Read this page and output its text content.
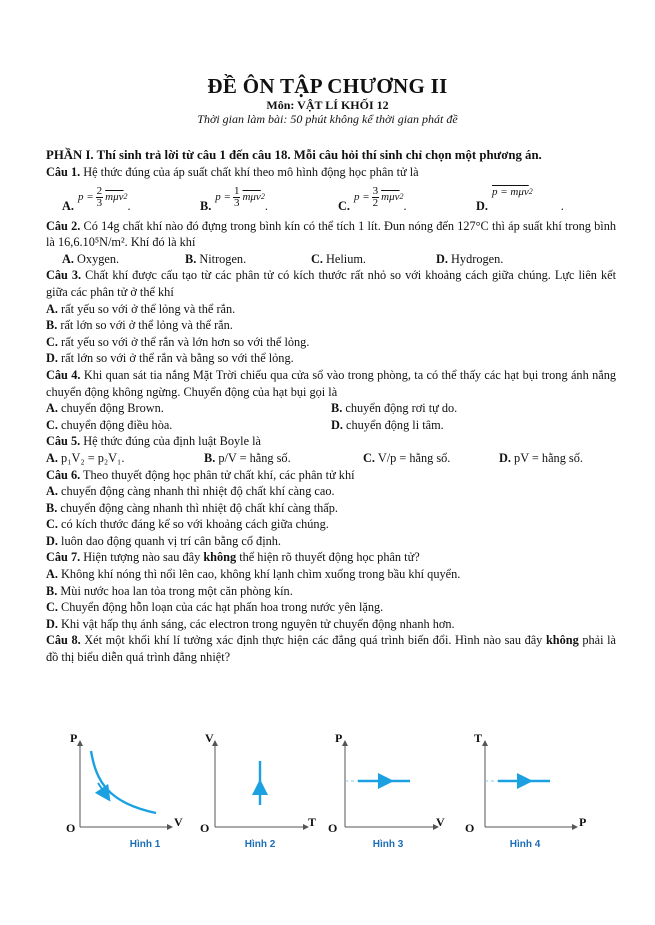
ĐỀ ÔN TẬP CHƯƠNG II
Môn: VẬT LÍ KHỐI 12
Thời gian làm bài: 50 phút không kể thời gian phát đề

PHẦN I. Thí sinh trả lời từ câu 1 đến câu 18. Mỗi câu hỏi thí sinh chỉ chọn một phương án.

Câu 1. Hệ thức đúng của áp suất chất khí theo mô hình động học phân tử là

A.
$p = \frac{2}{3} \overline{m\mu v}$ 2
.	B.
$p = \frac{1}{3} \overline{m\mu v}$ 2
.	C.
$p = \frac{3}{2} \overline{m\mu v}$ 2
.	D.
p = mμv 2
.

Câu 2. Có 14g chất khí nào đó đựng trong bình kín có thể tích 1 lít. Đun nóng đến 127°C thì áp suất khí trong bình là 16,6.10⁵N/m². Khí đó là khí

A. Oxygen.	B. Nitrogen.	C. Helium.	D. Hydrogen.

Câu 3. Chất khí được cấu tạo từ các phân tử có kích thước rất nhỏ so với khoảng cách giữa chúng. Lực liên kết giữa các phân tử ở thể khí

A. rất yếu so với ở thể lỏng và thể rắn.
B. rất lớn so với ở thể lỏng và thể rắn.
C. rất yếu so với ở thể rắn và lớn hơn so với thể lỏng.
D. rất lớn so với ở thể rắn và bằng so với thể lỏng.

Câu 4. Khi quan sát tia nắng Mặt Trời chiếu qua cửa sổ vào trong phòng, ta có thể thấy các hạt bụi trong ánh nắng chuyển động không ngừng. Chuyển động của hạt bụi gọi là

A. chuyển động Brown.	B. chuyển động rơi tự do.
C. chuyển động điều hòa.	D. chuyển động li tâm.

Câu 5. Hệ thức đúng của định luật Boyle là

A. p₁V₂ = p₂V₁.	B. p/V = hằng số.	C. V/p = hằng số.	D. pV = hằng số.

Câu 6. Theo thuyết động học phân tử chất khí, các phân tử khí

A. chuyển động càng nhanh thì nhiệt độ chất khí càng cao.
B. chuyển động càng nhanh thì nhiệt độ chất khí càng thấp.
C. có kích thước đáng kể so với khoảng cách giữa chúng.
D. luôn dao động quanh vị trí cân bằng cố định.

Câu 7. Hiện tượng nào sau đây không thể hiện rõ thuyết động học phân tử?

A. Không khí nóng thì nổi lên cao, không khí lạnh chìm xuống trong bầu khí quyển.
B. Mùi nước hoa lan tỏa trong một căn phòng kín.
C. Chuyển động hỗn loạn của các hạt phấn hoa trong nước yên lặng.
D. Khi vật hấp thụ ánh sáng, các electron trong nguyên tử chuyển động nhanh hơn.

Câu 8. Xét một khối khí lí tưởng xác định thực hiện các đẳng quá trình biến đổi. Hình nào sau đây không phải là đồ thị biểu diễn quá trình đẳng nhiệt?

P
V
O
Hình 1
V
T
O
Hình 2
P
V
O
Hình 3
T
P
O
Hình 4
